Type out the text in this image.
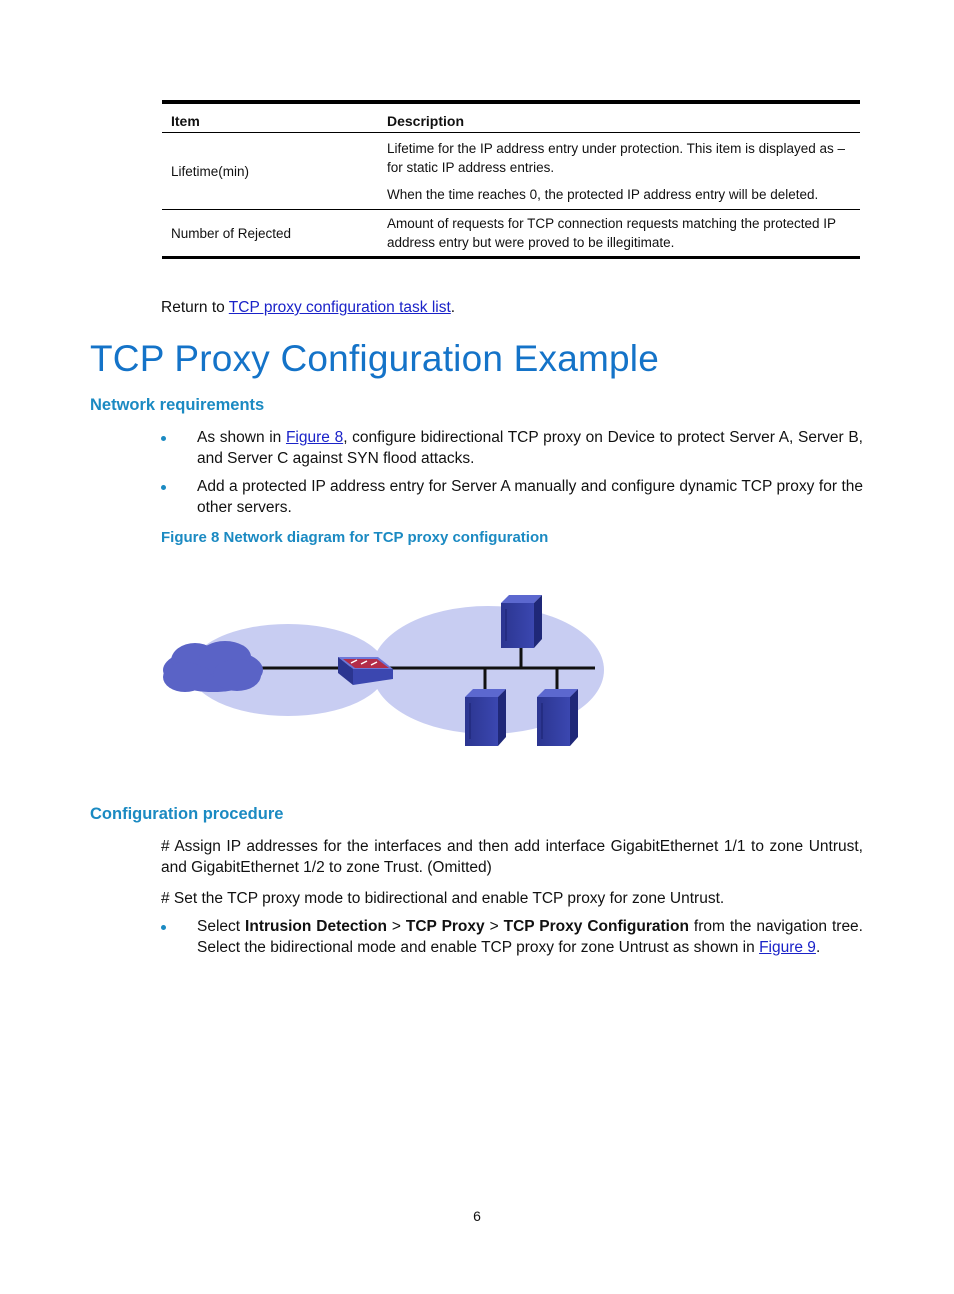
Item	Description
Lifetime(min)	Lifetime for the IP address entry under protection. This item is displayed as – for static IP address entries.

When the time reaches 0, the protected IP address entry will be deleted.

Number of Rejected	Amount of requests for TCP connection requests matching the protected IP address entry but were proved to be illegitimate.

Return to TCP proxy configuration task list.

TCP Proxy Configuration Example
Network requirements
As shown in Figure 8, configure bidirectional TCP proxy on Device to protect Server A, Server B, and Server C against SYN flood attacks.
Add a protected IP address entry for Server A manually and configure dynamic TCP proxy for the other servers.

Figure 8 Network diagram for TCP proxy configuration

Configuration procedure

# Assign IP addresses for the interfaces and then add interface GigabitEthernet 1/1 to zone Untrust, and GigabitEthernet 1/2 to zone Trust. (Omitted)

# Set the TCP proxy mode to bidirectional and enable TCP proxy for zone Untrust.

Select Intrusion Detection > TCP Proxy > TCP Proxy Configuration from the navigation tree. Select the bidirectional mode and enable TCP proxy for zone Untrust as shown in Figure 9.
6
